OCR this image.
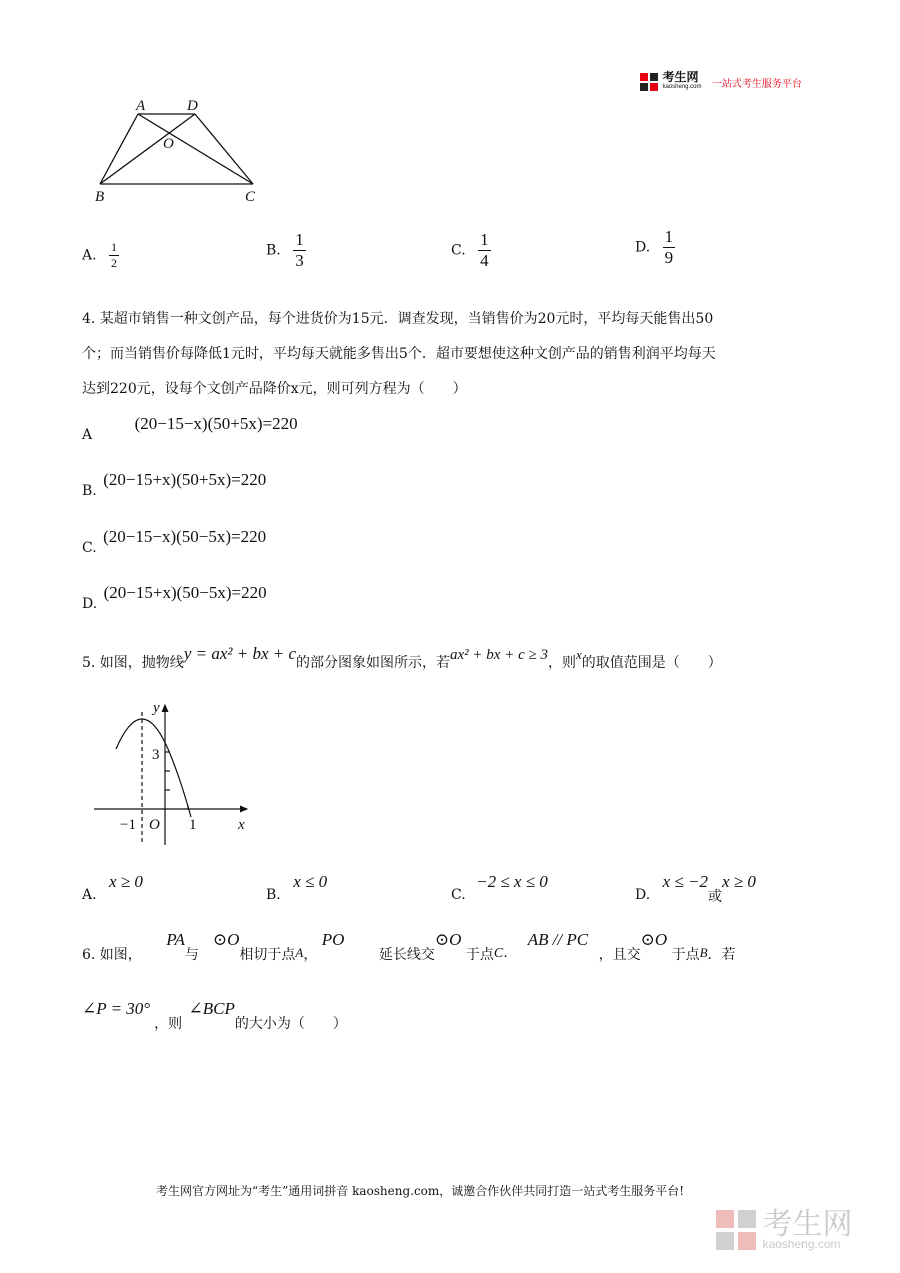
考生网
kaosheng.com 一站式考生服务平台
A	D
O
B	C
A. $\frac{1}{2}$	B. $\frac{1}{3}$	C. $\frac{1}{4}$	D. $\frac{1}{9}$
4. 某超市销售一种文创产品，每个进货价为15元．调查发现，当销售价为20元时，平均每天能售出50
个；而当销售价每降低1元时，平均每天就能多售出5个．超市要想使这种文创产品的销售利润平均每天
达到220元，设每个文创产品降价x元，则可列方程为（　　）
A (20−15−x)(50+5x)=220
B. (20−15+x)(50+5x)=220
C. (20−15−x)(50−5x)=220
D. (20−15+x)(50−5x)=220
5. 如图，抛物线y = ax² + bx + c的部分图象如图所示，若ax² + bx + c ≥ 3，则x的取值范围是（　　）
y
x
3
−1 O 1
A. x ≥ 0
B. x ≤ 0
C. −2 ≤ x ≤ 0
D. x ≤ −2或x ≥ 0
6. 如图， PA与⊙O相切于点A， PO 延长线交⊙O 于点C． AB // PC ，且交⊙O 于点B．若
∠P = 30°，则 ∠BCP的大小为（　　）
考生网官方网址为“考生”通用词拼音 kaosheng.com，诚邀合作伙伴共同打造一站式考生服务平台!

考生网
kaosheng.com
